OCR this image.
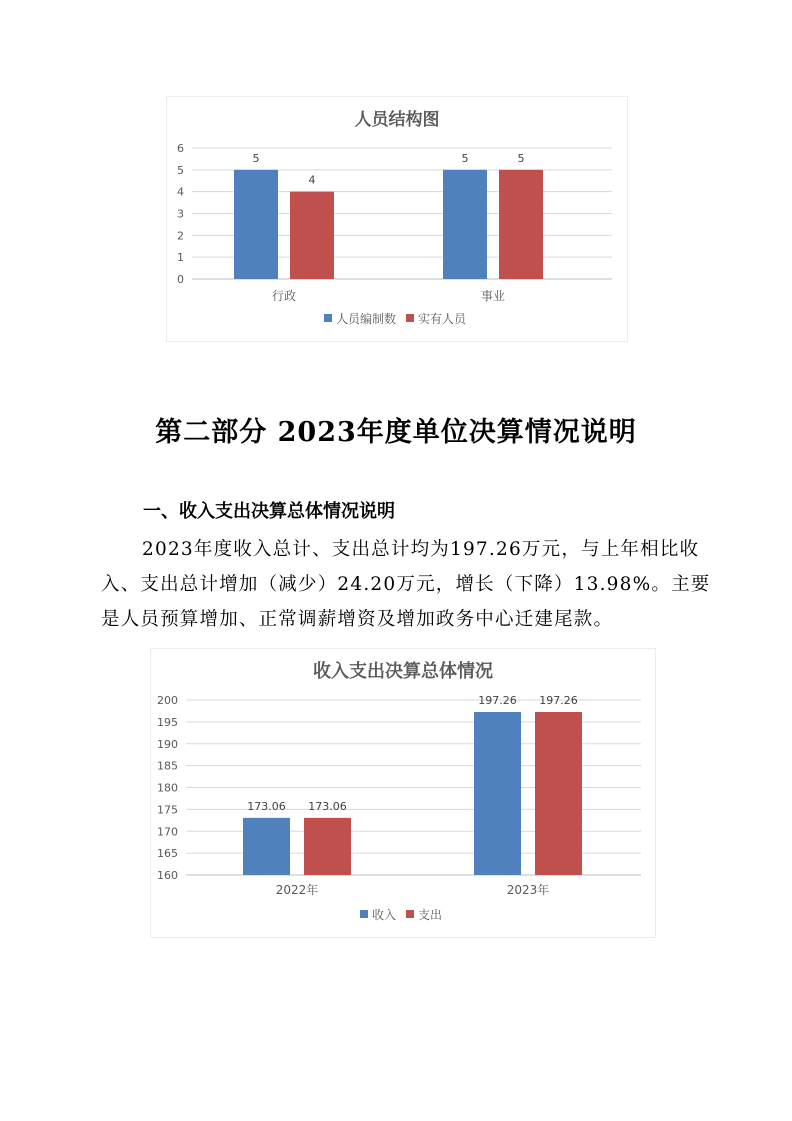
人员结构图
0
1
2
3
4
5
6
5
4
行政
5	5
事业
人员编制数 实有人员
第二部分 2023年度单位决算情况说明
一、收入支出决算总体情况说明

2023年度收入总计、支出总计均为197.26万元，与上年相比收入、支出总计增加（减少）24.20万元，增长（下降）13.98%。主要是人员预算增加、正常调薪增资及增加政务中心迁建尾款。

收入支出决算总体情况
160
165
170
175
180
185
190
195
200
173.06 173.06
2022年
197.26 197.26
2023年
收入 支出
